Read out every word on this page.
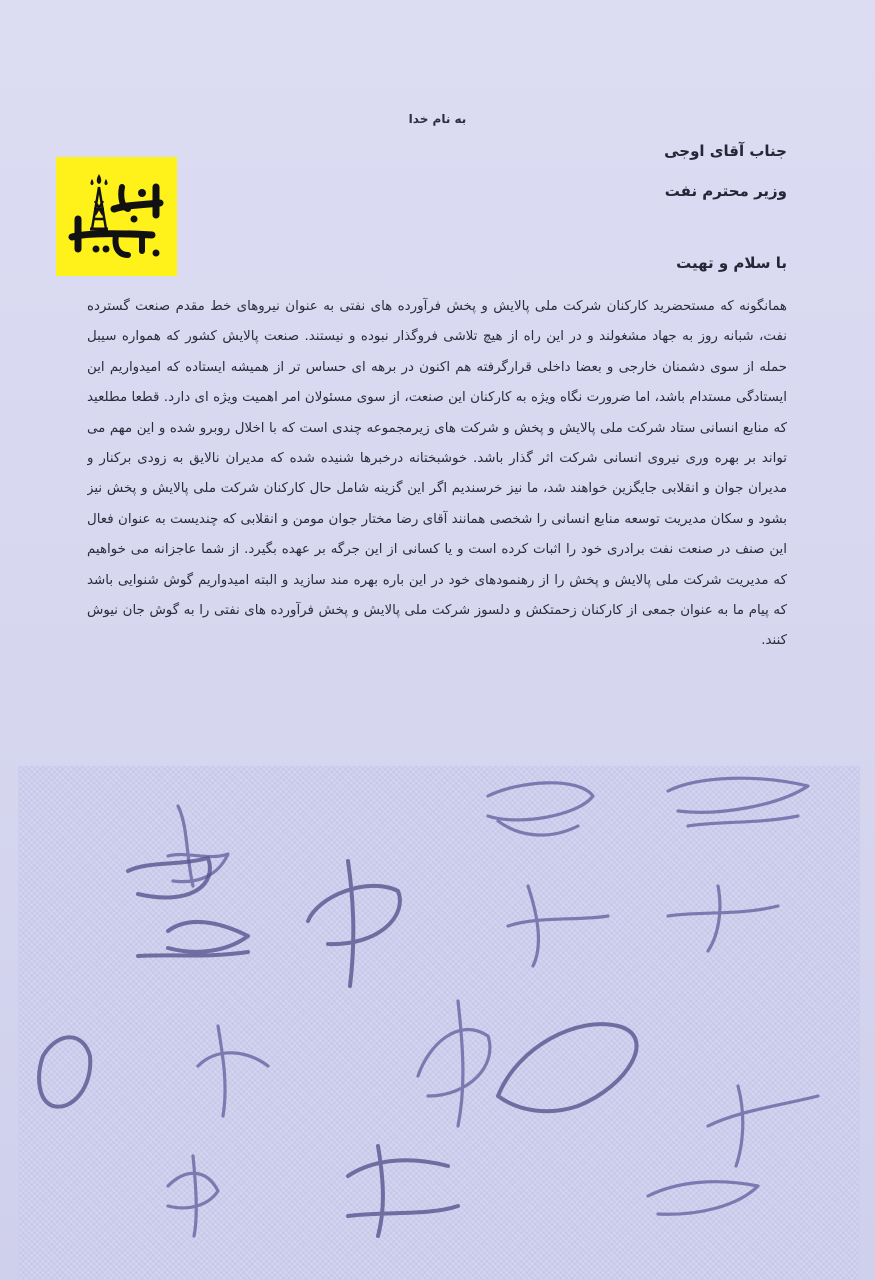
به نام خدا
جناب آقای اوجی
وزیر محترم نفت
با سلام و تهیت
همانگونه که مستحضرید کارکنان شرکت ملی پالایش و پخش فرآورده های نفتی به عنوان نیروهای خط مقدم صنعت گسترده نفت، شبانه روز به جهاد مشغولند و در این راه از هیچ تلاشی فروگذار نبوده و نیستند. صنعت پالایش کشور که همواره سیبل حمله از سوی دشمنان خارجی و بعضا داخلی قرارگرفته هم اکنون در برهه ای حساس تر از همیشه ایستاده که امیدواریم این ایستادگی مستدام باشد، اما ضرورت نگاه ویژه به کارکنان این صنعت، از سوی مسئولان امر اهمیت ویژه ای دارد. قطعا مطلعید که منابع انسانی ستاد شرکت ملی پالایش و پخش و شرکت های زیرمجموعه چندی است که با اخلال روبرو شده و این مهم می تواند بر بهره وری نیروی انسانی شرکت اثر گذار باشد. خوشبختانه درخبرها شنیده شده که مدیران نالایق به زودی برکنار و مدیران جوان و انقلابی جایگزین خواهند شد، ما نیز خرسندیم اگر این گزینه شامل حال کارکنان شرکت ملی پالایش و پخش نیز بشود و سکان مدیریت توسعه منابع انسانی را شخصی همانند آقای رضا مختار جوان مومن و انقلابی که چندیست به عنوان فعال این صنف در صنعت نفت برادری خود را اثبات کرده است و یا کسانی از این جرگه بر عهده بگیرد. از شما عاجزانه می خواهیم که مدیریت شرکت ملی پالایش و پخش را از رهنمودهای خود در این باره بهره مند سازید و البته امیدواریم گوش شنوایی باشد که پیام ما به عنوان جمعی از کارکنان زحمتکش و دلسوز شرکت ملی پالایش و پخش فرآورده های نفتی را به گوش جان نیوش کنند.
